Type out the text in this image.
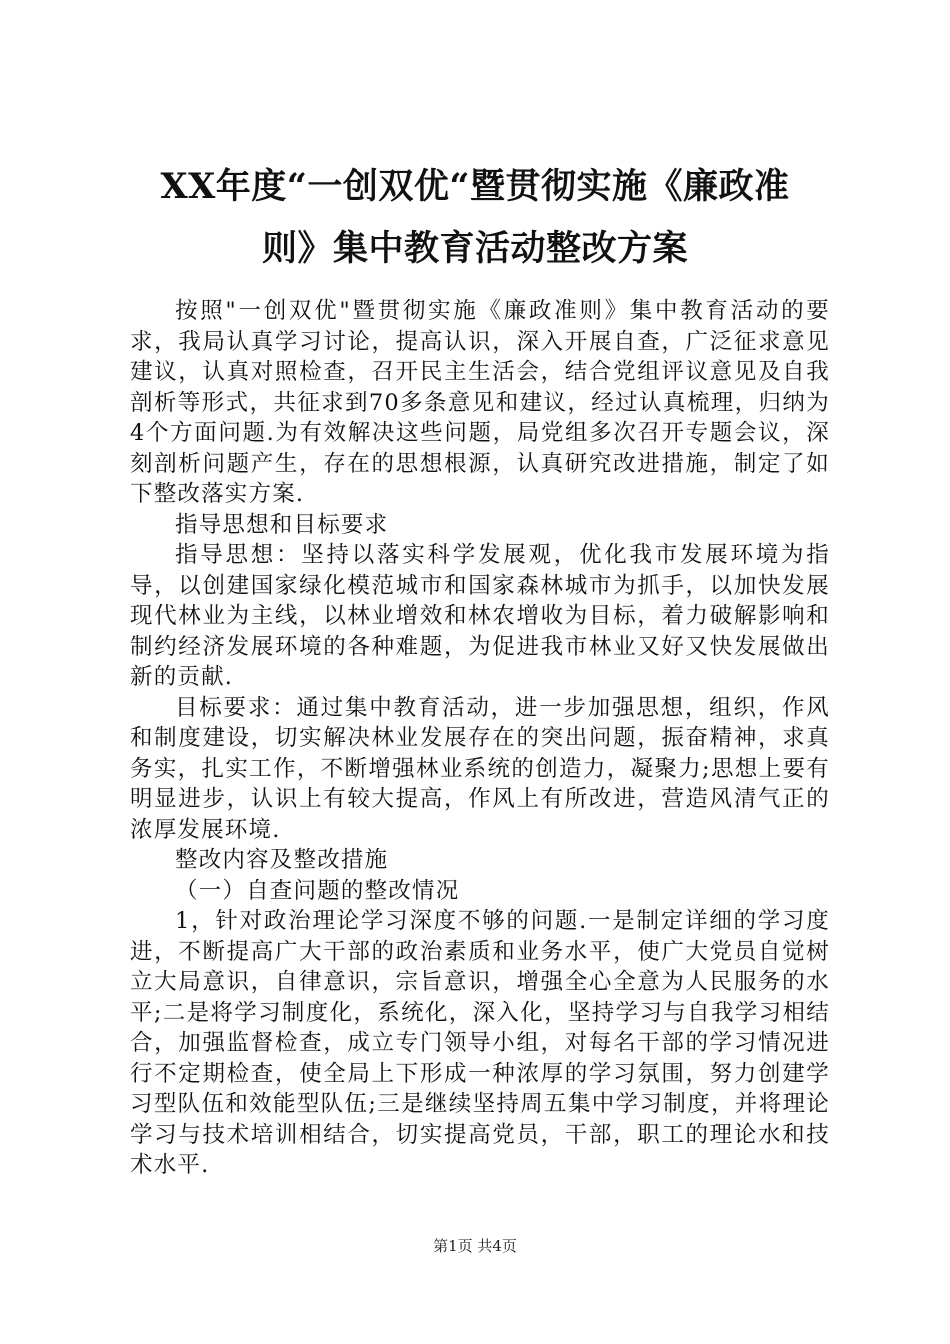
XX年度“一创双优“暨贯彻实施《廉政准
则》集中教育活动整改方案

按照"一创双优"暨贯彻实施《廉政准则》集中教育活动的要求，我局认真学习讨论，提高认识，深入开展自查，广泛征求意见建议，认真对照检查，召开民主生活会，结合党组评议意见及自我剖析等形式，共征求到70多条意见和建议，经过认真梳理，归纳为4个方面问题.为有效解决这些问题，局党组多次召开专题会议，深刻剖析问题产生，存在的思想根源，认真研究改进措施，制定了如下整改落实方案.

指导思想和目标要求

指导思想：坚持以落实科学发展观，优化我市发展环境为指导，以创建国家绿化模范城市和国家森林城市为抓手，以加快发展现代林业为主线，以林业增效和林农增收为目标，着力破解影响和制约经济发展环境的各种难题，为促进我市林业又好又快发展做出新的贡献.

目标要求：通过集中教育活动，进一步加强思想，组织，作风和制度建设，切实解决林业发展存在的突出问题，振奋精神，求真务实，扎实工作，不断增强林业系统的创造力，凝聚力;思想上要有明显进步，认识上有较大提高，作风上有所改进，营造风清气正的浓厚发展环境.

整改内容及整改措施

（一）自查问题的整改情况

1，针对政治理论学习深度不够的问题.一是制定详细的学习度进，不断提高广大干部的政治素质和业务水平，使广大党员自觉树立大局意识，自律意识，宗旨意识，增强全心全意为人民服务的水平;二是将学习制度化，系统化，深入化，坚持学习与自我学习相结合，加强监督检查，成立专门领导小组，对每名干部的学习情况进行不定期检查，使全局上下形成一种浓厚的学习氛围，努力创建学习型队伍和效能型队伍;三是继续坚持周五集中学习制度，并将理论学习与技术培训相结合，切实提高党员，干部，职工的理论水和技术水平.

第1页 共4页
